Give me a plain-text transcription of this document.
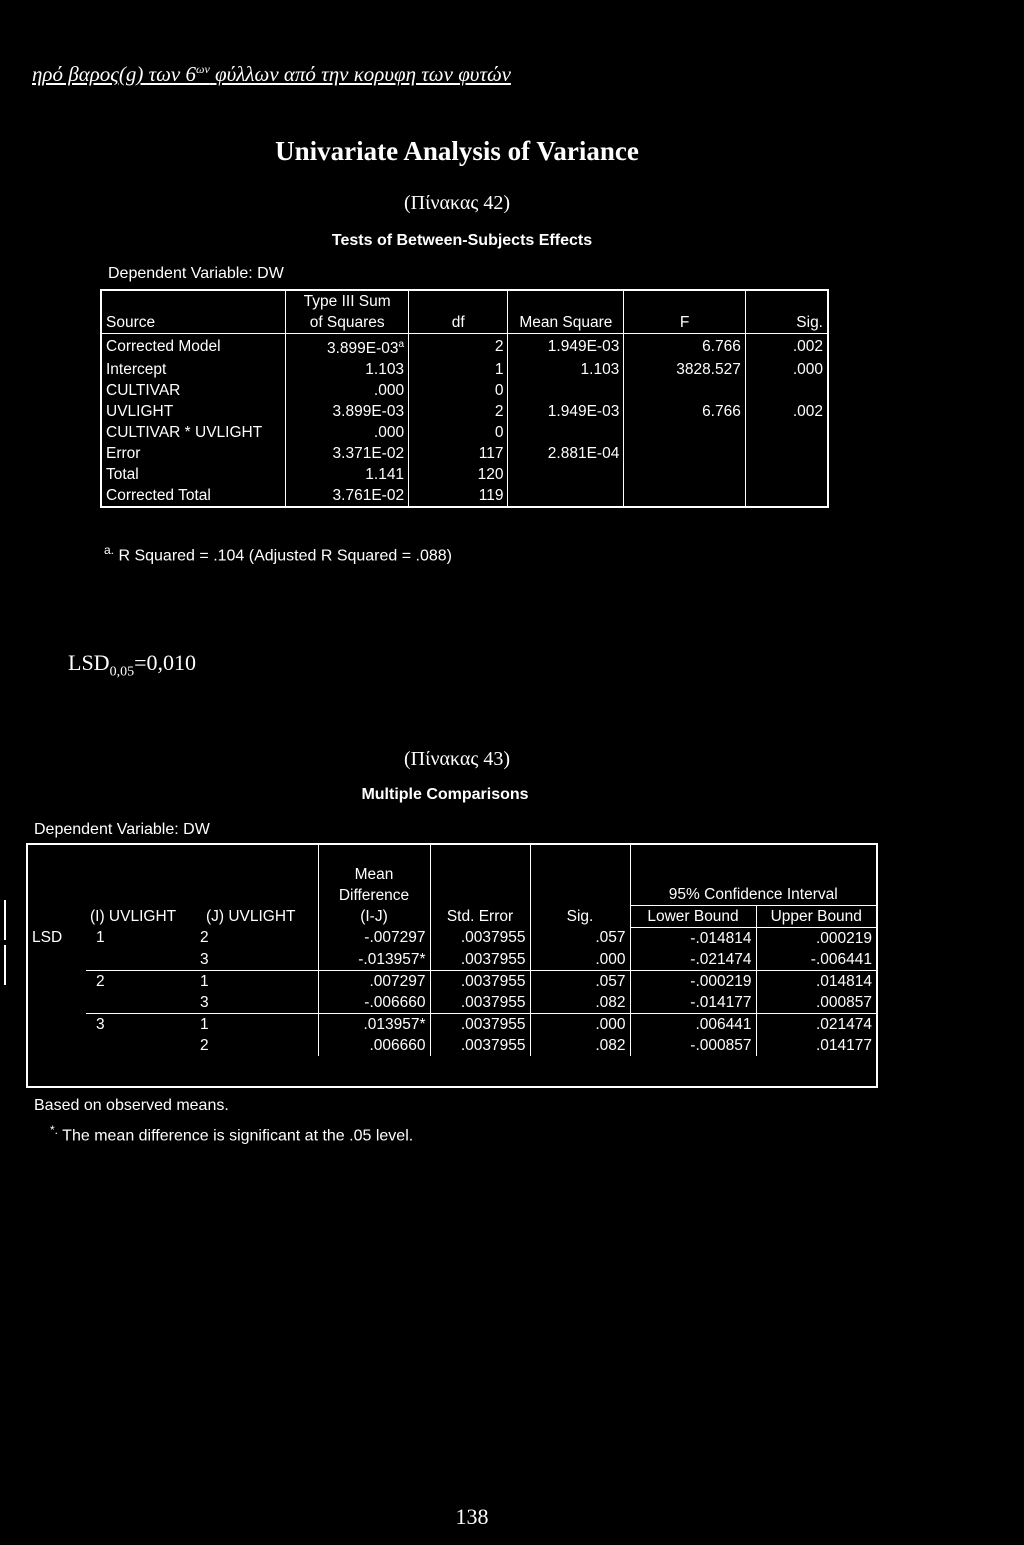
ηρό βαρος(g) των $6^{\omega\nu}$ φύλλων από την κορυφη των φυτών
Univariate Analysis of Variance
(Πίνακας 42)
Tests of Between-Subjects Effects
Dependent Variable: DW
Source	Type III Sum
of Squares	df	Mean Square	F	Sig.
Corrected Model	3.899E-03$^a$	2	1.949E-03	6.766	.002
Intercept	1.103	1	1.103	3828.527	.000
CULTIVAR	.000	0			
UVLIGHT	3.899E-03	2	1.949E-03	6.766	.002
CULTIVAR * UVLIGHT	.000	0			
Error	3.371E-02	117	2.881E-04		
Total	1.141	120			
Corrected Total	3.761E-02	119			
$^{a.}$ R Squared = .104 (Adjusted R Squared = .088)
$LSD_{0,05}=0,010$
(Πίνακας 43)
Multiple Comparisons
Dependent Variable: DW
	(I) UVLIGHT	(J) UVLIGHT	Mean
Difference
(I-J)	Std. Error	Sig.	95% Confidence Interval	
						Lower Bound	Upper Bound
LSD	1	2	-.007297	.0037955	.057	-.014814	.000219
		3	-.013957*	.0037955	.000	-.021474	-.006441
	2	1	.007297	.0037955	.057	-.000219	.014814
		3	-.006660	.0037955	.082	-.014177	.000857
	3	1	.013957*	.0037955	.000	.006441	.021474
		2	.006660	.0037955	.082	-.000857	.014177
Based on observed means.
*. The mean difference is significant at the .05 level.
138
